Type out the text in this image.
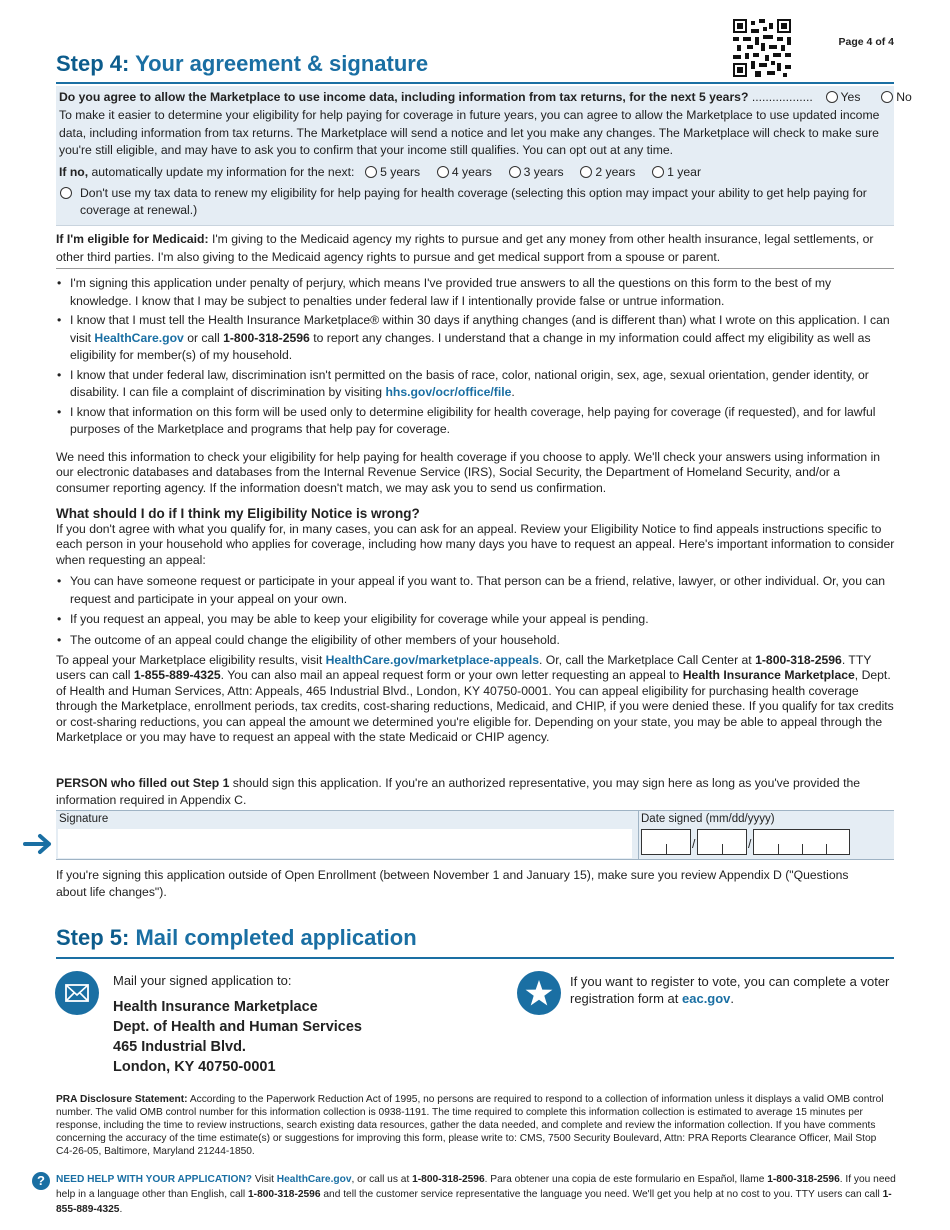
Page 4 of 4
Step 4: Your agreement & signature
Do you agree to allow the Marketplace to use income data, including information from tax returns, for the next 5 years? .................. Yes	No
To make it easier to determine your eligibility for help paying for coverage in future years, you can agree to allow the Marketplace to use updated income data, including information from tax returns. The Marketplace will send a notice and let you make any changes. The Marketplace will check to make sure you're still eligible, and may have to ask you to confirm that your income still qualifies. You can opt out at any time.
If no, automatically update my information for the next: 5 years	4 years	3 years	2 years	1 year
Don't use my tax data to renew my eligibility for help paying for health coverage (selecting this option may impact your ability to get help paying for coverage at renewal.)
If I'm eligible for Medicaid: I'm giving to the Medicaid agency my rights to pursue and get any money from other health insurance, legal settlements, or other third parties. I'm also giving to the Medicaid agency rights to pursue and get medical support from a spouse or parent.
• I'm signing this application under penalty of perjury, which means I've provided true answers to all the questions on this form to the best of my knowledge. I know that I may be subject to penalties under federal law if I intentionally provide false or untrue information.
• I know that I must tell the Health Insurance Marketplace® within 30 days if anything changes (and is different than) what I wrote on this application. I can visit HealthCare.gov or call 1-800-318-2596 to report any changes. I understand that a change in my information could affect my eligibility as well as eligibility for member(s) of my household.
• I know that under federal law, discrimination isn't permitted on the basis of race, color, national origin, sex, age, sexual orientation, gender identity, or disability. I can file a complaint of discrimination by visiting hhs.gov/ocr/office/file.
• I know that information on this form will be used only to determine eligibility for health coverage, help paying for coverage (if requested), and for lawful purposes of the Marketplace and programs that help pay for coverage.
We need this information to check your eligibility for help paying for health coverage if you choose to apply. We'll check your answers using information in our electronic databases and databases from the Internal Revenue Service (IRS), Social Security, the Department of Homeland Security, and/or a consumer reporting agency. If the information doesn't match, we may ask you to send us confirmation.
What should I do if I think my Eligibility Notice is wrong?
If you don't agree with what you qualify for, in many cases, you can ask for an appeal. Review your Eligibility Notice to find appeals instructions specific to each person in your household who applies for coverage, including how many days you have to request an appeal. Here's important information to consider when requesting an appeal:
• You can have someone request or participate in your appeal if you want to. That person can be a friend, relative, lawyer, or other individual. Or, you can request and participate in your appeal on your own.
• If you request an appeal, you may be able to keep your eligibility for coverage while your appeal is pending.
• The outcome of an appeal could change the eligibility of other members of your household.
To appeal your Marketplace eligibility results, visit HealthCare.gov/marketplace-appeals. Or, call the Marketplace Call Center at 1-800-318-2596. TTY users can call 1-855-889-4325. You can also mail an appeal request form or your own letter requesting an appeal to Health Insurance Marketplace, Dept. of Health and Human Services, Attn: Appeals, 465 Industrial Blvd., London, KY 40750-0001. You can appeal eligibility for purchasing health coverage through the Marketplace, enrollment periods, tax credits, cost-sharing reductions, Medicaid, and CHIP, if you were denied these. If you qualify for tax credits or cost-sharing reductions, you can appeal the amount we determined you're eligible for. Depending on your state, you may be able to appeal through the Marketplace or you may have to request an appeal with the state Medicaid or CHIP agency.
PERSON who filled out Step 1 should sign this application. If you're an authorized representative, you may sign here as long as you've provided the information required in Appendix C.
Signature	Date signed (mm/dd/yyyy)
/	/
If you're signing this application outside of Open Enrollment (between November 1 and January 15), make sure you review Appendix D ("Questions about life changes").
Step 5: Mail completed application
Mail your signed application to:
Health Insurance Marketplace
Dept. of Health and Human Services
465 Industrial Blvd.
London, KY 40750-0001
If you want to register to vote, you can complete a voter registration form at eac.gov.
PRA Disclosure Statement: According to the Paperwork Reduction Act of 1995, no persons are required to respond to a collection of information unless it displays a valid OMB control number. The valid OMB control number for this information collection is 0938-1191. The time required to complete this information collection is estimated to average 15 minutes per response, including the time to review instructions, search existing data resources, gather the data needed, and complete and review the information collection. If you have comments concerning the accuracy of the time estimate(s) or suggestions for improving this form, please write to: CMS, 7500 Security Boulevard, Attn: PRA Reports Clearance Officer, Mail Stop C4-26-05, Baltimore, Maryland 21244-1850.
?	NEED HELP WITH YOUR APPLICATION? Visit HealthCare.gov, or call us at 1-800-318-2596. Para obtener una copia de este formulario en Español, llame 1-800-318-2596. If you need help in a language other than English, call 1-800-318-2596 and tell the customer service representative the language you need. We'll get you help at no cost to you. TTY users can call 1-855-889-4325.
